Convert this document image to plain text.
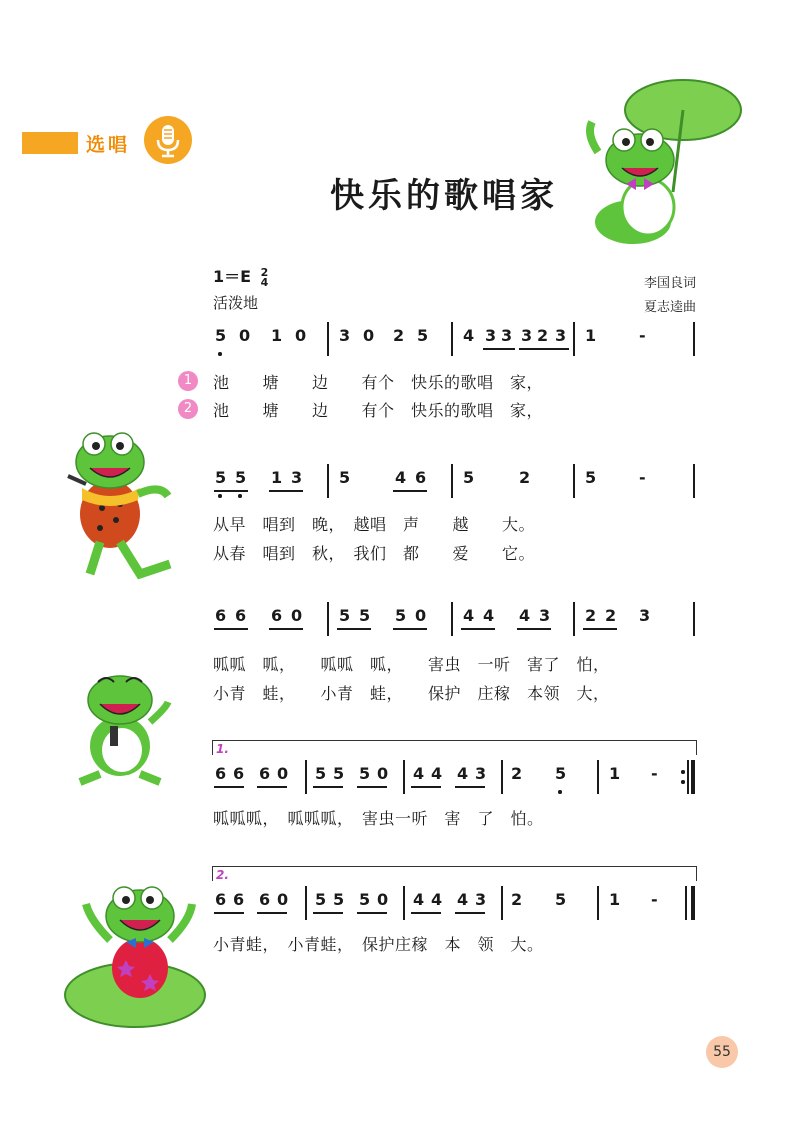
选唱
快乐的歌唱家
1＝E 2
4
活泼地
李国良词
夏志逵曲
5 0 1 0 3 0 2 5 4 3 3 3 2 3 1	-
1	池　　塘　　边　　有个　快乐的歌唱　家，
2	池　　塘　　边　　有个　快乐的歌唱　家，
5 5 1 3 5	4 6 5	2	5	-
从早　唱到　晚，　越唱　声　　越　　大。
从春　唱到　秋，　我们　都　　爱　　它。
6 6 6 0 5 5 5 0 4 4 4 3 2 2 3
呱呱　呱，　　呱呱　呱，　　害虫　一听　害了　怕，
小青　蛙，　　小青　蛙，　　保护　庄稼　本领　大，
1.
6 6 6 0 5 5 5 0 4 4 4 3 2 5	1 -
呱呱呱，　呱呱呱，　害虫一听　害　了　怕。
2.
6 6 6 0 5 5 5 0 4 4 4 3 2 5	1 -
小青蛙，　小青蛙，　保护庄稼　本　领　大。
55
